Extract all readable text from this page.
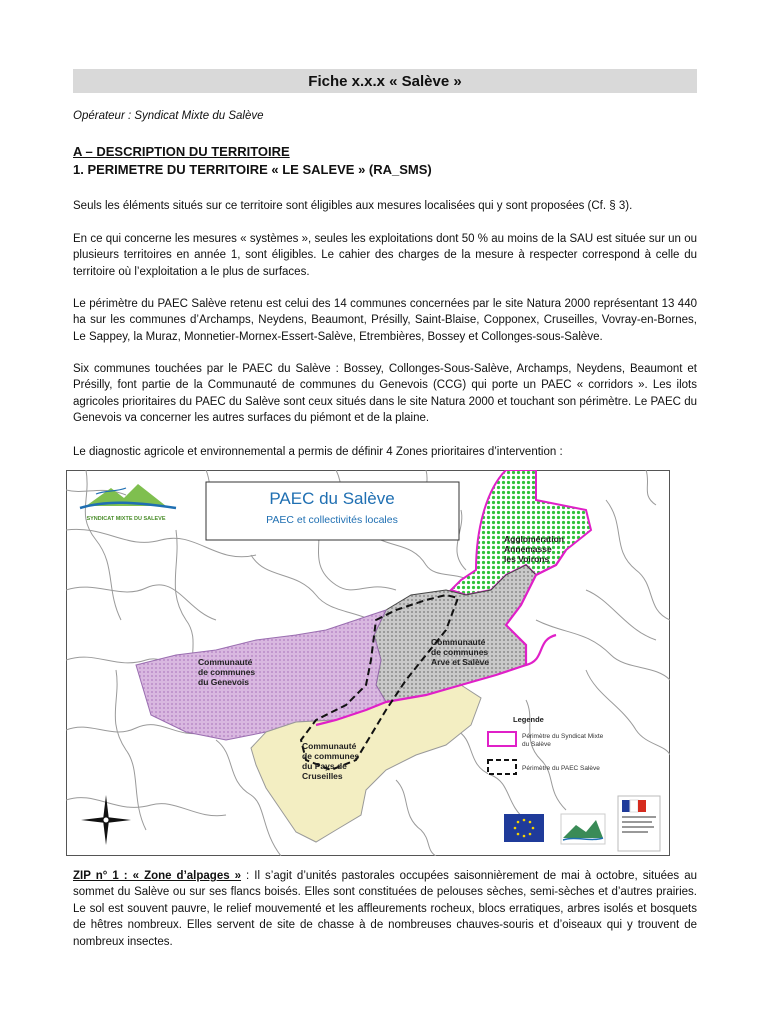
Fiche x.x.x « Salève »
Opérateur : Syndicat Mixte du Salève
A – DESCRIPTION DU TERRITOIRE
1. PERIMETRE DU TERRITOIRE « LE SALEVE » (RA_SMS)

Seuls les éléments situés sur ce territoire sont éligibles aux mesures localisées qui y sont proposées (Cf. § 3).

En ce qui concerne les mesures « systèmes », seules les exploitations dont 50 % au moins de la SAU est située sur un ou plusieurs territoires en année 1, sont éligibles. Le cahier des charges de la mesure à respecter correspond à celle du territoire où l’exploitation a le plus de surfaces.

Le périmètre du PAEC Salève retenu est celui des 14 communes concernées par le site Natura 2000 représentant 13 440 ha sur les communes d’Archamps, Neydens, Beaumont, Présilly, Saint-Blaise, Copponex, Cruseilles, Vovray-en-Bornes, Le Sappey, la Muraz, Monnetier-Mornex-Essert-Salève, Etrembières, Bossey et Collonges-sous-Salève.

Six communes touchées par le PAEC du Salève : Bossey, Collonges-Sous-Salève, Archamps, Neydens, Beaumont et Présilly, font partie de la Communauté de communes du Genevois (CCG) qui porte un PAEC « corridors ». Les ilots agricoles prioritaires du PAEC du Salève sont ceux situés dans le site Natura 2000 et touchant son périmètre. Le PAEC du Genevois va concerner les autres surfaces du piémont et de la plaine.

Le diagnostic agricole et environnemental a permis de définir 4 Zones prioritaires d’intervention :

PAEC du Salève
PAEC et collectivités locales
SYNDICAT MIXTE DU SALEVE
Agglomération Annemasse les Voirons
Communauté de communes Arve et Salève
Communauté de communes du Genevois
Communauté de communes du Pays de Cruseilles
Legende
Périmètre du Syndicat Mixte du Salève
Périmètre du PAEC Salève

ZIP n° 1 : « Zone d’alpages » : Il s’agit d’unités pastorales occupées saisonnièrement de mai à octobre, situées au sommet du Salève ou sur ses flancs boisés. Elles sont constituées de pelouses sèches, semi-sèches et d’autres prairies. Le sol est souvent pauvre, le relief mouvementé et les affleurements rocheux, blocs erratiques, arbres isolés et bosquets de hêtres nombreux. Elles servent de site de chasse à de nombreuses chauves-souris et d’oiseaux qui y trouvent de nombreux insectes.
